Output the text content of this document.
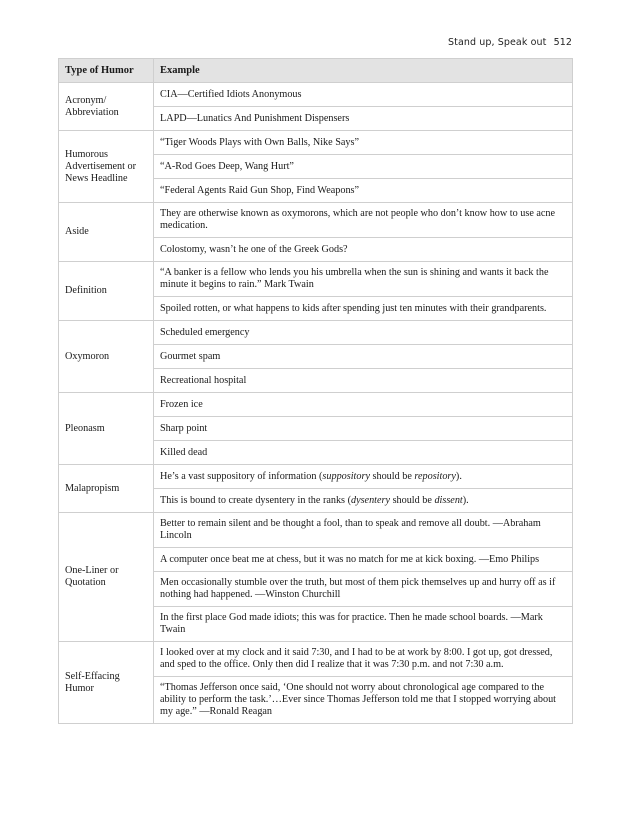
Stand up, Speak out 512
Type of Humor	Example
Acronym/ Abbreviation	CIA—Certified Idiots Anonymous
	LAPD—Lunatics And Punishment Dispensers
Humorous Advertisement or News Headline	“Tiger Woods Plays with Own Balls, Nike Says”
	“A-Rod Goes Deep, Wang Hurt”
	“Federal Agents Raid Gun Shop, Find Weapons”
Aside	They are otherwise known as oxymorons, which are not people who don’t know how to use acne medication.
	Colostomy, wasn’t he one of the Greek Gods?
Definition	“A banker is a fellow who lends you his umbrella when the sun is shining and wants it back the minute it begins to rain.” Mark Twain
	Spoiled rotten, or what happens to kids after spending just ten minutes with their grandparents.
Oxymoron	Scheduled emergency
	Gourmet spam
	Recreational hospital
Pleonasm	Frozen ice
	Sharp point
	Killed dead
Malapropism	He’s a vast suppository of information (suppository should be repository).
	This is bound to create dysentery in the ranks (dysentery should be dissent).
One-Liner or Quotation	Better to remain silent and be thought a fool, than to speak and remove all doubt. —Abraham Lincoln
	A computer once beat me at chess, but it was no match for me at kick boxing. —Emo Philips
	Men occasionally stumble over the truth, but most of them pick themselves up and hurry off as if nothing had happened. —Winston Churchill
	In the first place God made idiots; this was for practice. Then he made school boards. —Mark Twain
Self-Effacing Humor	I looked over at my clock and it said 7:30, and I had to be at work by 8:00. I got up, got dressed, and sped to the office. Only then did I realize that it was 7:30 p.m. and not 7:30 a.m.
	“Thomas Jefferson once said, ‘One should not worry about chronological age compared to the ability to perform the task.’…Ever since Thomas Jefferson told me that I stopped worrying about my age.” —Ronald Reagan
